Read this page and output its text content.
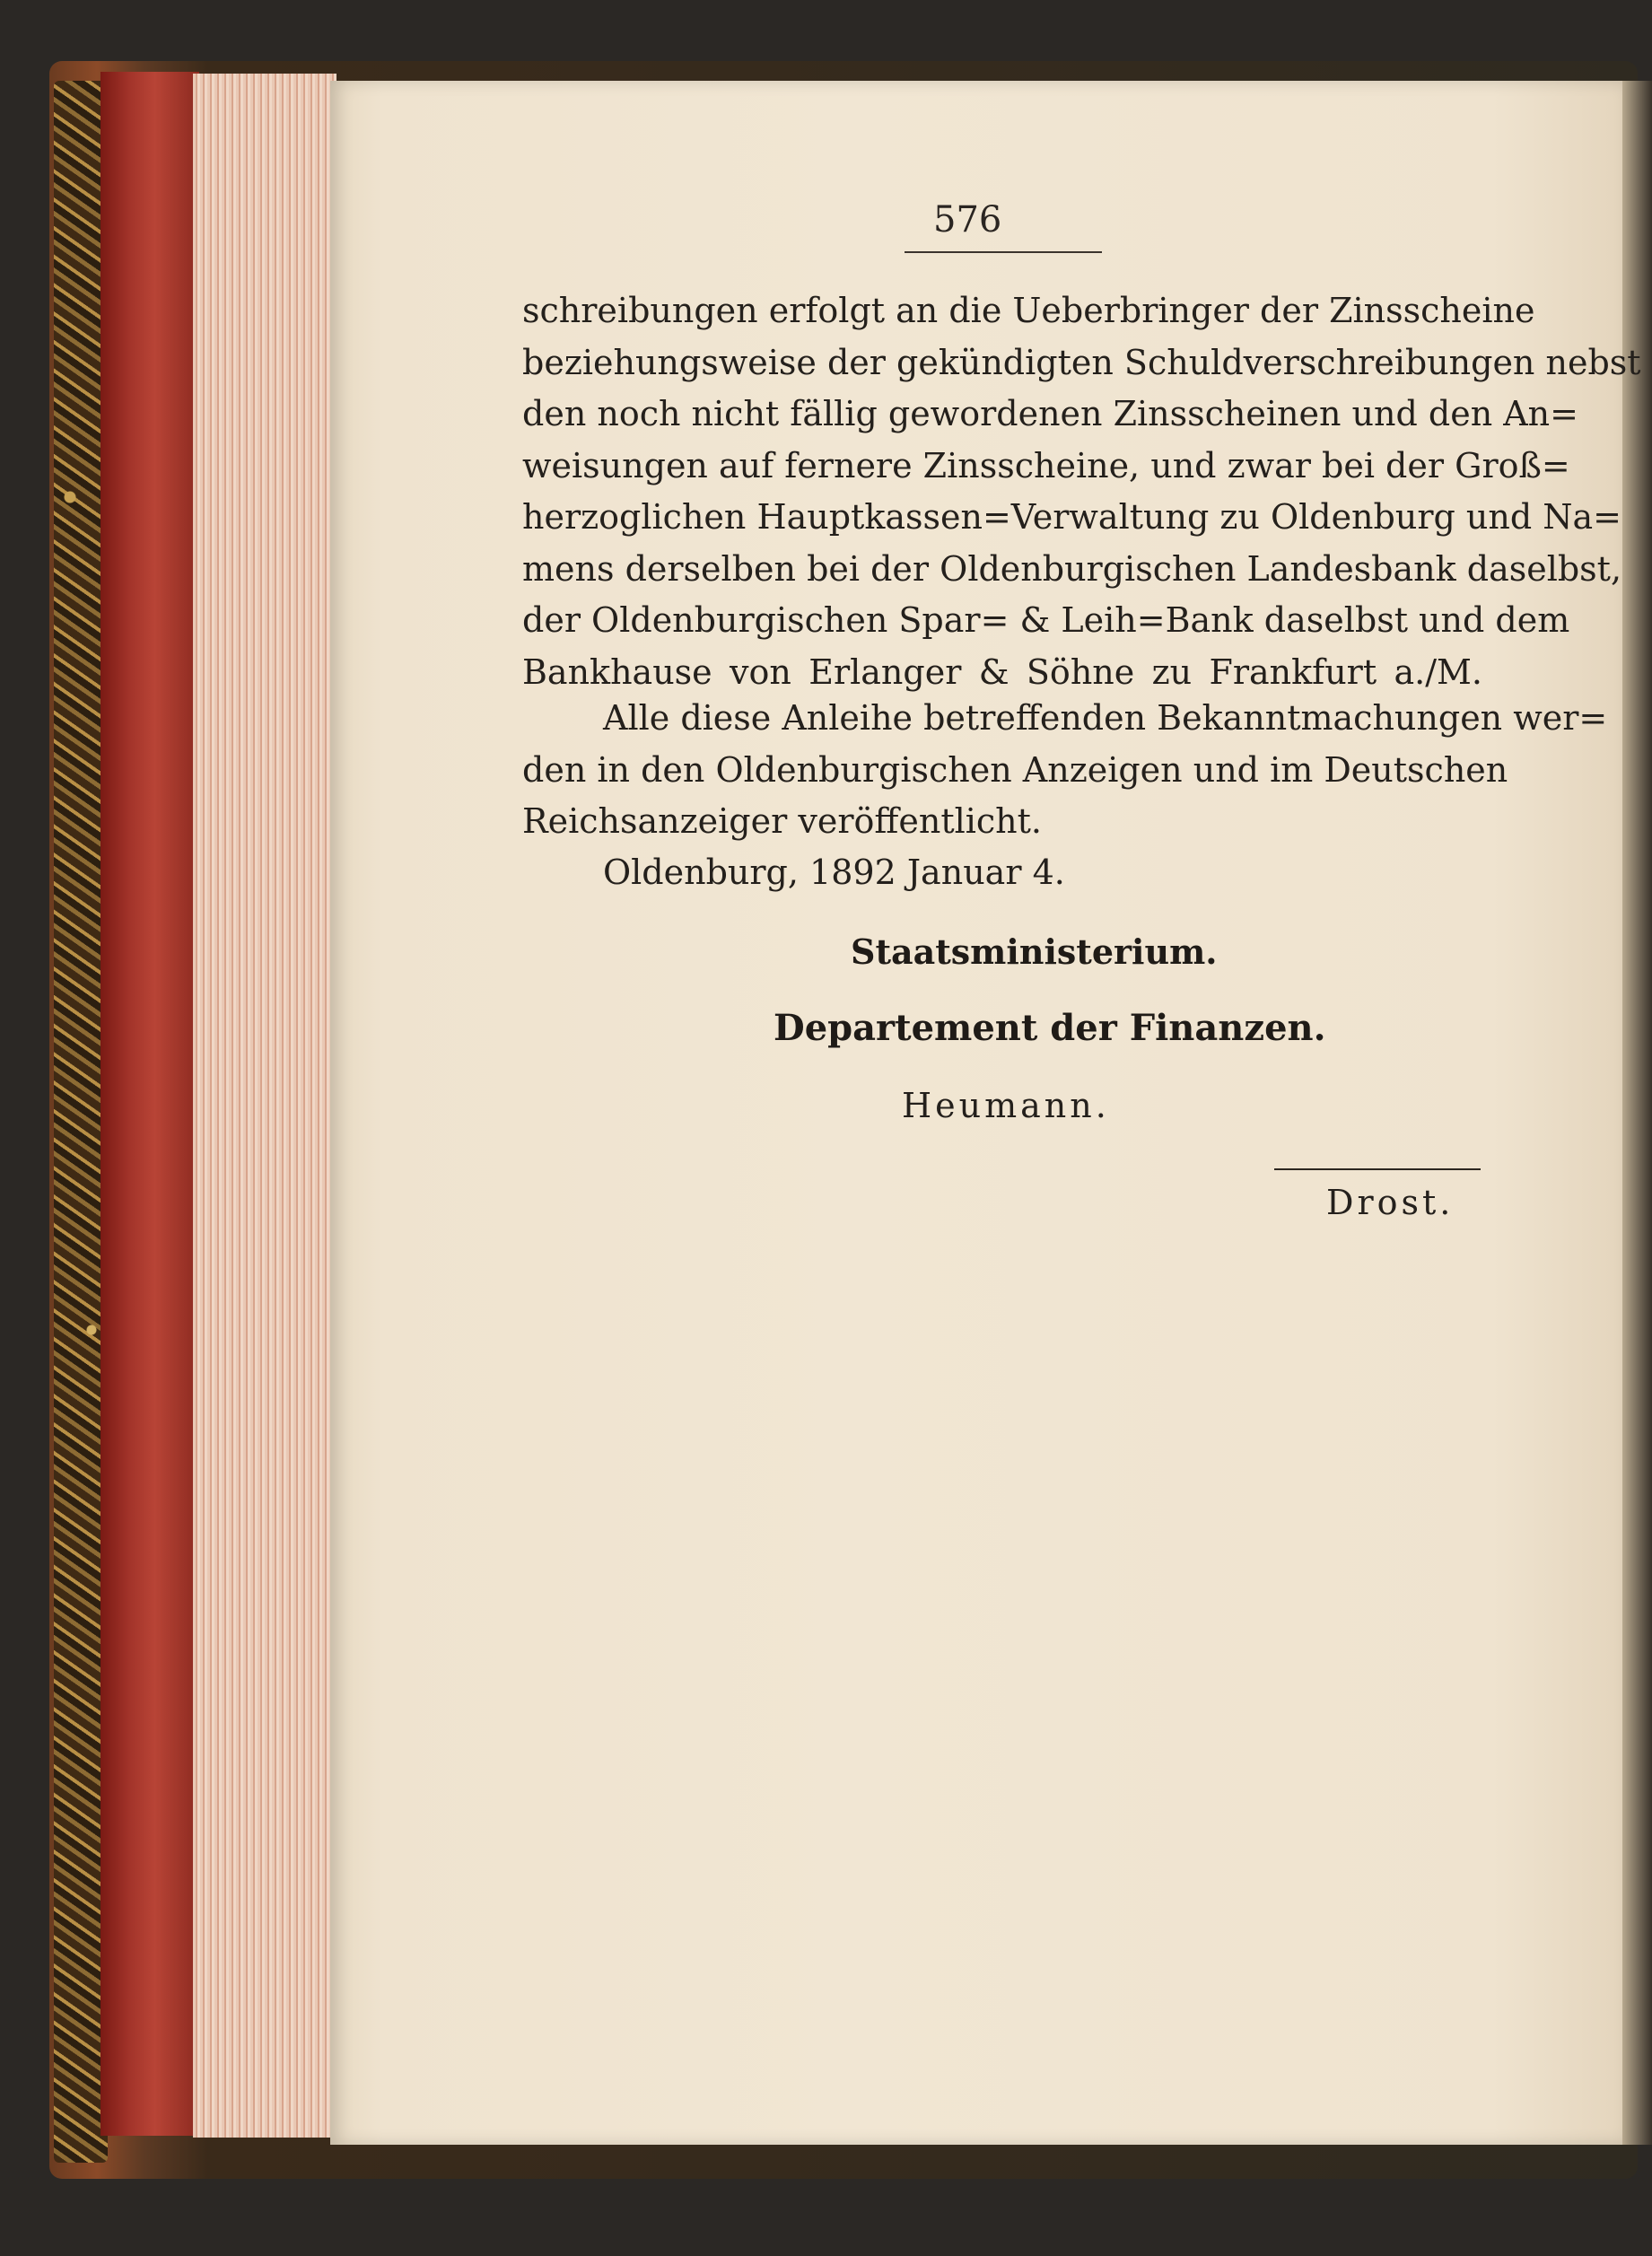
576
schreibungen erfolgt an die Ueberbringer der Zinsscheine
beziehungsweise der gekündigten Schuldverschreibungen nebst
den noch nicht fällig gewordenen Zinsscheinen und den An=
weisungen auf fernere Zinsscheine, und zwar bei der Groß=
herzoglichen Hauptkassen=Verwaltung zu Oldenburg und Na=
mens derselben bei der Oldenburgischen Landesbank daselbst,
der Oldenburgischen Spar= & Leih=Bank daselbst und dem
Bankhause von Erlanger & Söhne zu Frankfurt a./M.
Alle diese Anleihe betreffenden Bekanntmachungen wer=
den in den Oldenburgischen Anzeigen und im Deutschen
Reichsanzeiger veröffentlicht.
Oldenburg, 1892 Januar 4.
Staatsministerium.
Departement der Finanzen.
Heumann.
Drost.
